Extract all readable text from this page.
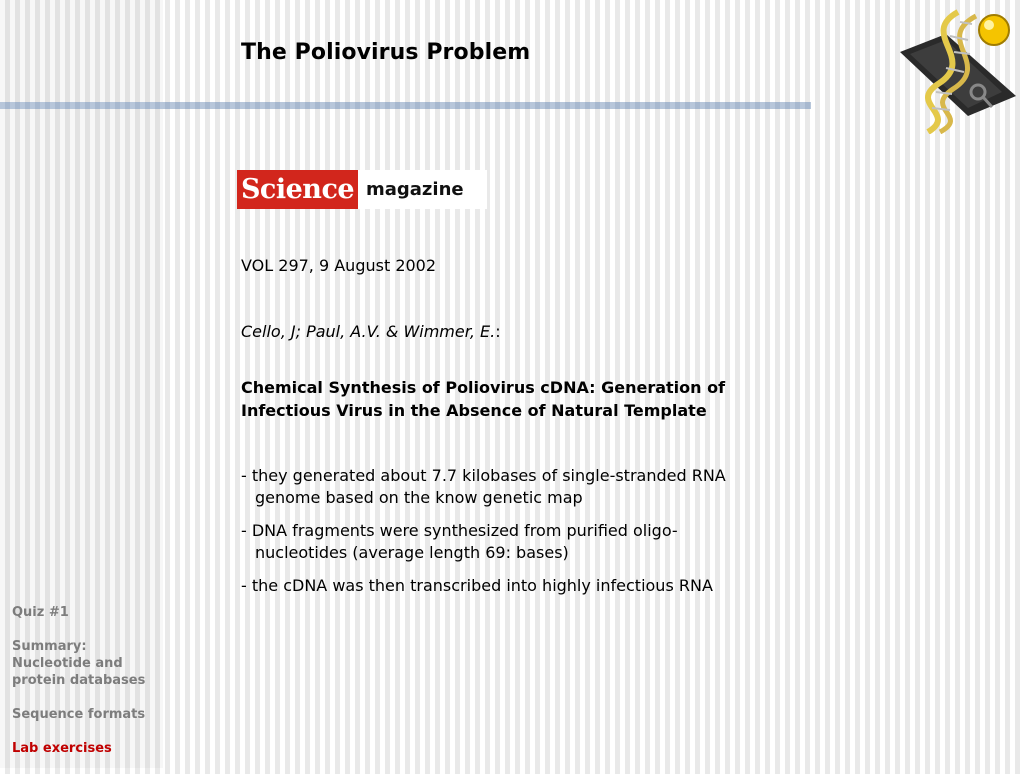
The Poliovirus Problem
Science magazine
VOL 297, 9 August 2002
Cello, J; Paul, A.V. & Wimmer, E.:
Chemical Synthesis of Poliovirus cDNA: Generation of Infectious Virus in the Absence of Natural Template
- they generated about 7.7 kilobases of single-stranded RNA
genome based on the know genetic map
- DNA fragments were synthesized from purified oligo-
nucleotides (average length 69: bases)
- the cDNA was then transcribed into highly infectious RNA
Quiz #1
Summary:
Nucleotide and
protein databases
Sequence formats
Lab exercises
